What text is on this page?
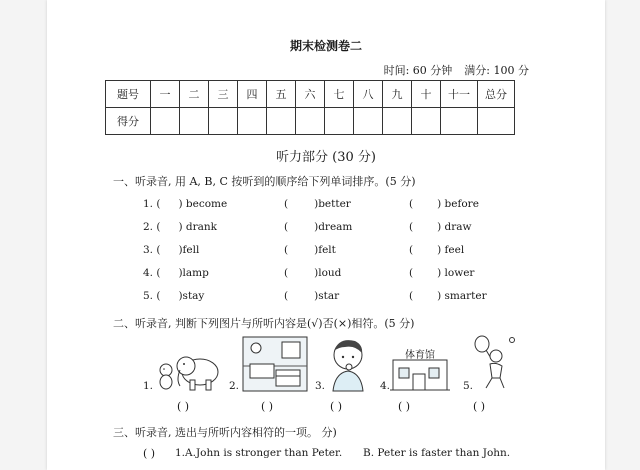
期末检测卷二
时间: 60 分钟 满分: 100 分
题号	一	二	三	四	五	六	七	八	九	十	十一	总分
得分												
听力部分 (30 分)
一、听录音, 用 A, B, C 按听到的顺序给下列单词排序。(5 分)
1. ( ) become	( )better	( ) before
2. ( ) drank	( )dream	( ) draw
3. ( )fell	( )felt	( ) feel
4. ( )lamp	( )loud	( ) lower
5. ( )stay	( )star	( ) smarter
二、听录音, 判断下列图片与所听内容是(√)否(×)相符。(5 分)
1.	2.	3.	4.
体育馆
5.
( )	( )	( )	( )	( )
三、听录音, 选出与所听内容相符的一项。 分)
( ) 1.A.John is stronger than Peter. B. Peter is faster than John.
